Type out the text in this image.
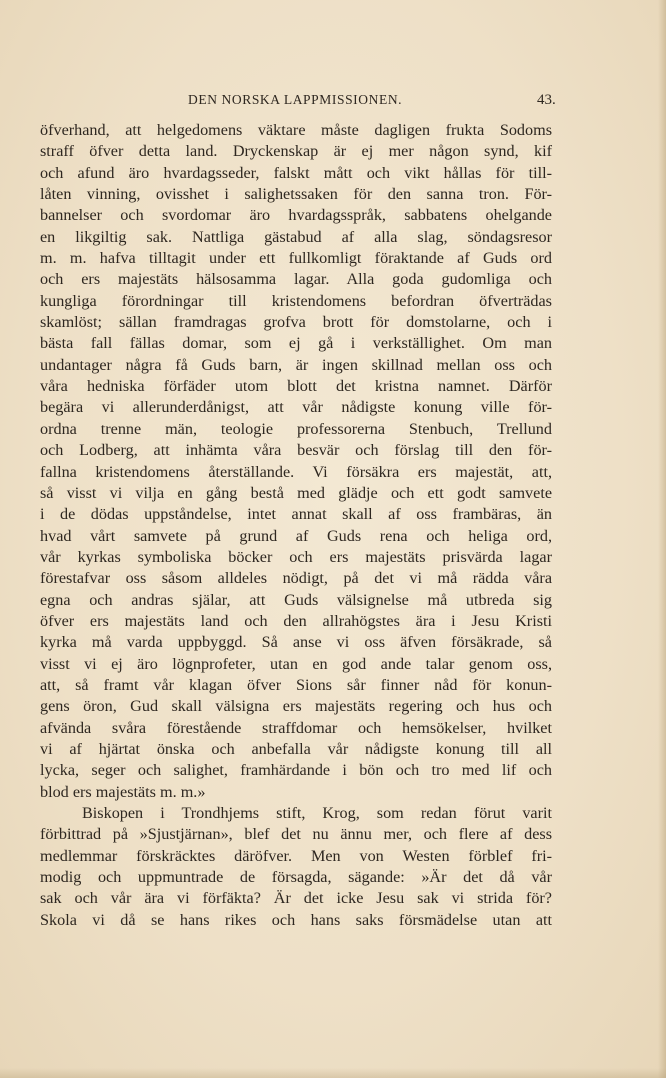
DEN NORSKA LAPPMISSIONEN.	43.
öfverhand, att helgedomens väktare måste dagligen frukta Sodoms
straff öfver detta land. Dryckenskap är ej mer någon synd, kif
och afund äro hvardagsseder, falskt mått och vikt hållas för till-
låten vinning, ovisshet i salighetssaken för den sanna tron. För-
bannelser och svordomar äro hvardagsspråk, sabbatens ohelgande
en likgiltig sak. Nattliga gästabud af alla slag, söndagsresor
m. m. hafva tilltagit under ett fullkomligt föraktande af Guds ord
och ers majestäts hälsosamma lagar. Alla goda gudomliga och
kungliga förordningar till kristendomens befordran öfverträdas
skamlöst; sällan framdragas grofva brott för domstolarne, och i
bästa fall fällas domar, som ej gå i verkställighet. Om man
undantager några få Guds barn, är ingen skillnad mellan oss och
våra hedniska förfäder utom blott det kristna namnet. Därför
begära vi allerunderdånigst, att vår nådigste konung ville för-
ordna trenne män, teologie professorerna Stenbuch, Trellund
och Lodberg, att inhämta våra besvär och förslag till den för-
fallna kristendomens återställande. Vi försäkra ers majestät, att,
så visst vi vilja en gång bestå med glädje och ett godt samvete
i de dödas uppståndelse, intet annat skall af oss frambäras, än
hvad vårt samvete på grund af Guds rena och heliga ord,
vår kyrkas symboliska böcker och ers majestäts prisvärda lagar
förestafvar oss såsom alldeles nödigt, på det vi må rädda våra
egna och andras själar, att Guds välsignelse må utbreda sig
öfver ers majestäts land och den allrahögstes ära i Jesu Kristi
kyrka må varda uppbyggd. Så anse vi oss äfven försäkrade, så
visst vi ej äro lögnprofeter, utan en god ande talar genom oss,
att, så framt vår klagan öfver Sions sår finner nåd för konun-
gens öron, Gud skall välsigna ers majestäts regering och hus och
afvända svåra förestående straffdomar och hemsökelser, hvilket
vi af hjärtat önska och anbefalla vår nådigste konung till all
lycka, seger och salighet, framhärdande i bön och tro med lif och
blod ers majestäts m. m.»
Biskopen i Trondhjems stift, Krog, som redan förut varit
förbittrad på »Sjustjärnan», blef det nu ännu mer, och flere af dess
medlemmar förskräcktes däröfver. Men von Westen förblef fri-
modig och uppmuntrade de försagda, sägande: »Är det då vår
sak och vår ära vi förfäkta? Är det icke Jesu sak vi strida för?
Skola vi då se hans rikes och hans saks försmädelse utan att
